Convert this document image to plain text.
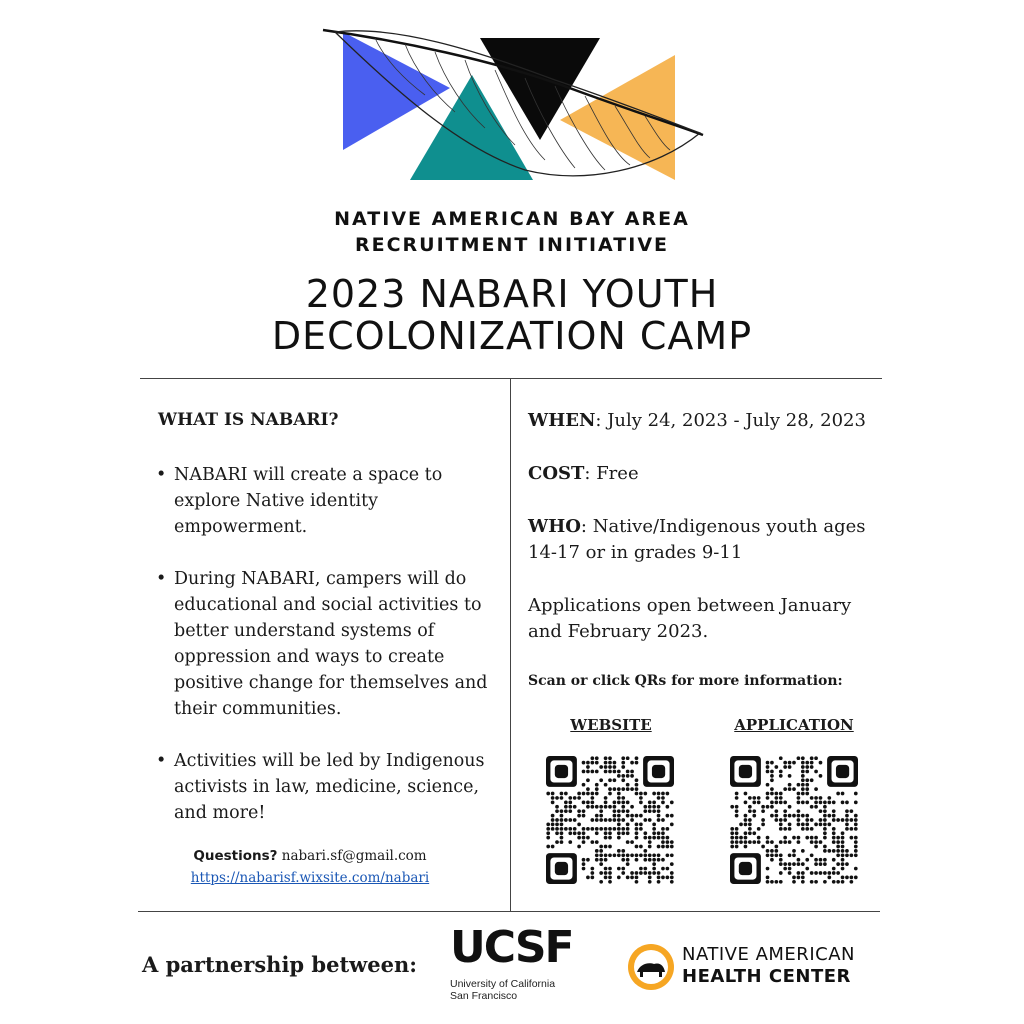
NATIVE AMERICAN BAY AREA
RECRUITMENT INITIATIVE
2023 NABARI YOUTH
DECOLONIZATION CAMP
WHAT IS NABARI?
• NABARI will create a space to explore Native identity empowerment.
• During NABARI, campers will do educational and social activities to better understand systems of oppression and ways to create positive change for themselves and their communities.
• Activities will be led by Indigenous activists in law, medicine, science, and more!
Questions? nabari.sf@gmail.com
https://nabarisf.wixsite.com/nabari
WHEN: July 24, 2023 - July 28, 2023
COST: Free
WHO: Native/Indigenous youth ages 14-17 or in grades 9-11
Applications open between January and February 2023.
Scan or click QRs for more information:
WEBSITE	APPLICATION
A partnership between: UCSF
University of California
San Francisco
NATIVE AMERICAN
HEALTH CENTER
